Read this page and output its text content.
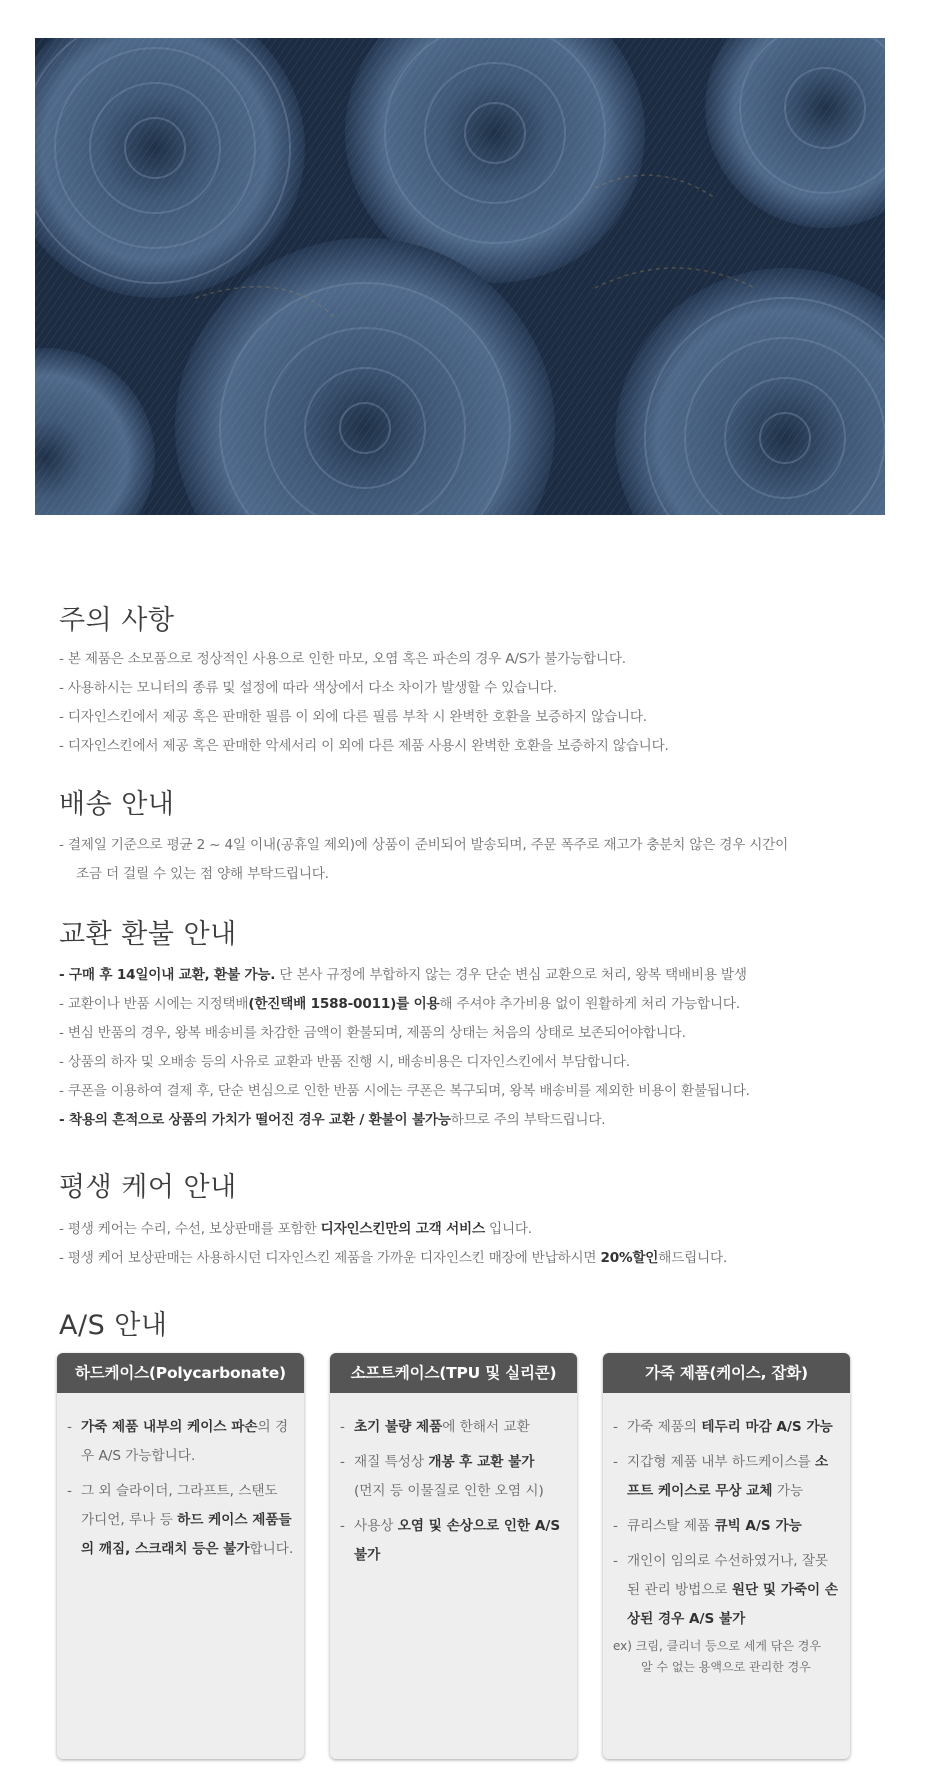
주의 사항
- 본 제품은 소모품으로 정상적인 사용으로 인한 마모, 오염 혹은 파손의 경우 A/S가 불가능합니다.
- 사용하시는 모니터의 종류 및 설정에 따라 색상에서 다소 차이가 발생할 수 있습니다.
- 디자인스킨에서 제공 혹은 판매한 필름 이 외에 다른 필름 부착 시 완벽한 호환을 보증하지 않습니다.
- 디자인스킨에서 제공 혹은 판매한 악세서리 이 외에 다른 제품 사용시 완벽한 호환을 보증하지 않습니다.
배송 안내
- 결제일 기준으로 평균 2 ~ 4일 이내(공휴일 제외)에 상품이 준비되어 발송되며, 주문 폭주로 재고가 충분치 않은 경우 시간이
조금 더 걸릴 수 있는 점 양해 부탁드립니다.
교환 환불 안내
- 구매 후 14일이내 교환, 환불 가능. 단 본사 규정에 부합하지 않는 경우 단순 변심 교환으로 처리, 왕복 택배비용 발생
- 교환이나 반품 시에는 지정택배(한진택배 1588-0011)를 이용해 주셔야 추가비용 없이 원활하게 처리 가능합니다.
- 변심 반품의 경우, 왕복 배송비를 차감한 금액이 환불되며, 제품의 상태는 처음의 상태로 보존되어야합니다.
- 상품의 하자 및 오배송 등의 사유로 교환과 반품 진행 시, 배송비용은 디자인스킨에서 부담합니다.
- 쿠폰을 이용하여 결제 후, 단순 변심으로 인한 반품 시에는 쿠폰은 복구되며, 왕복 배송비를 제외한 비용이 환불됩니다.
- 착용의 흔적으로 상품의 가치가 떨어진 경우 교환 / 환불이 불가능하므로 주의 부탁드립니다.
평생 케어 안내
- 평생 케어는 수리, 수선, 보상판매를 포함한 디자인스킨만의 고객 서비스 입니다.
- 평생 케어 보상판매는 사용하시던 디자인스킨 제품을 가까운 디자인스킨 매장에 반납하시면 20%할인해드립니다.
A/S 안내
하드케이스(Polycarbonate)
- 가죽 제품 내부의 케이스 파손의 경우 A/S 가능합니다.
- 그 외 슬라이더, 그라프트, 스탠도 가디언, 루나 등 하드 케이스 제품들의 깨짐, 스크래치 등은 불가합니다.
소프트케이스(TPU 및 실리콘)
- 초기 불량 제품에 한해서 교환
- 재질 특성상 개봉 후 교환 불가
(먼지 등 이물질로 인한 오염 시)
- 사용상 오염 및 손상으로 인한 A/S 불가
가죽 제품(케이스, 잡화)
- 가죽 제품의 테두리 마감 A/S 가능
- 지갑형 제품 내부 하드케이스를 소프트 케이스로 무상 교체 가능
- 큐리스탈 제품 큐빅 A/S 가능
- 개인이 임의로 수선하였거나, 잘못된 관리 방법으로 원단 및 가죽이 손상된 경우 A/S 불가
ex) 크림, 클리너 등으로 세게 닦은 경우
알 수 없는 용액으로 관리한 경우
